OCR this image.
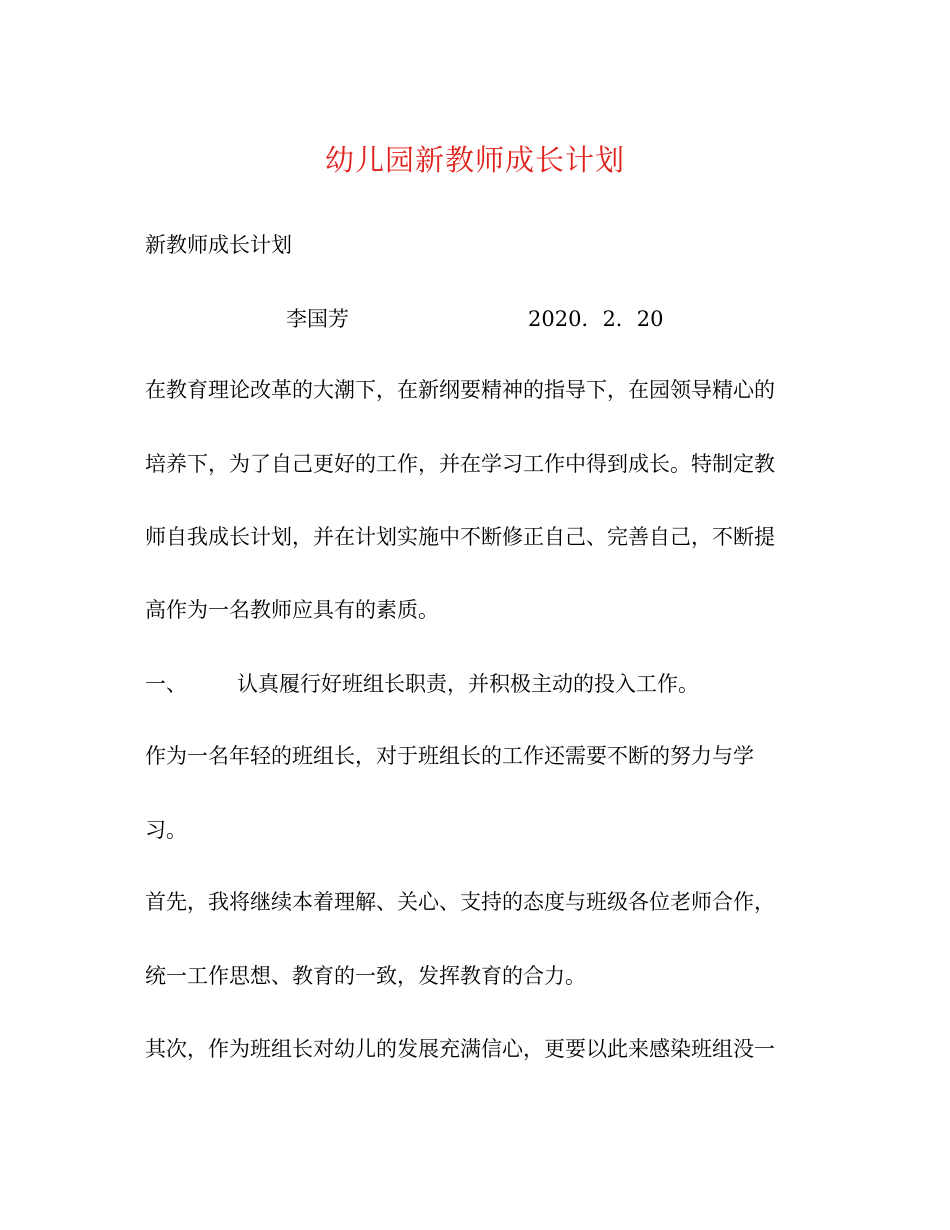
幼儿园新教师成长计划
新教师成长计划
李国芳	2020．2．20
在教育理论改革的大潮下，在新纲要精神的指导下，在园领导精心的
培养下，为了自己更好的工作，并在学习工作中得到成长。特制定教
师自我成长计划，并在计划实施中不断修正自己、完善自己，不断提
高作为一名教师应具有的素质。
一、 认真履行好班组长职责，并积极主动的投入工作。
作为一名年轻的班组长，对于班组长的工作还需要不断的努力与学
习。
首先，我将继续本着理解、关心、支持的态度与班级各位老师合作，
统一工作思想、教育的一致，发挥教育的合力。
其次，作为班组长对幼儿的发展充满信心，更要以此来感染班组没一
